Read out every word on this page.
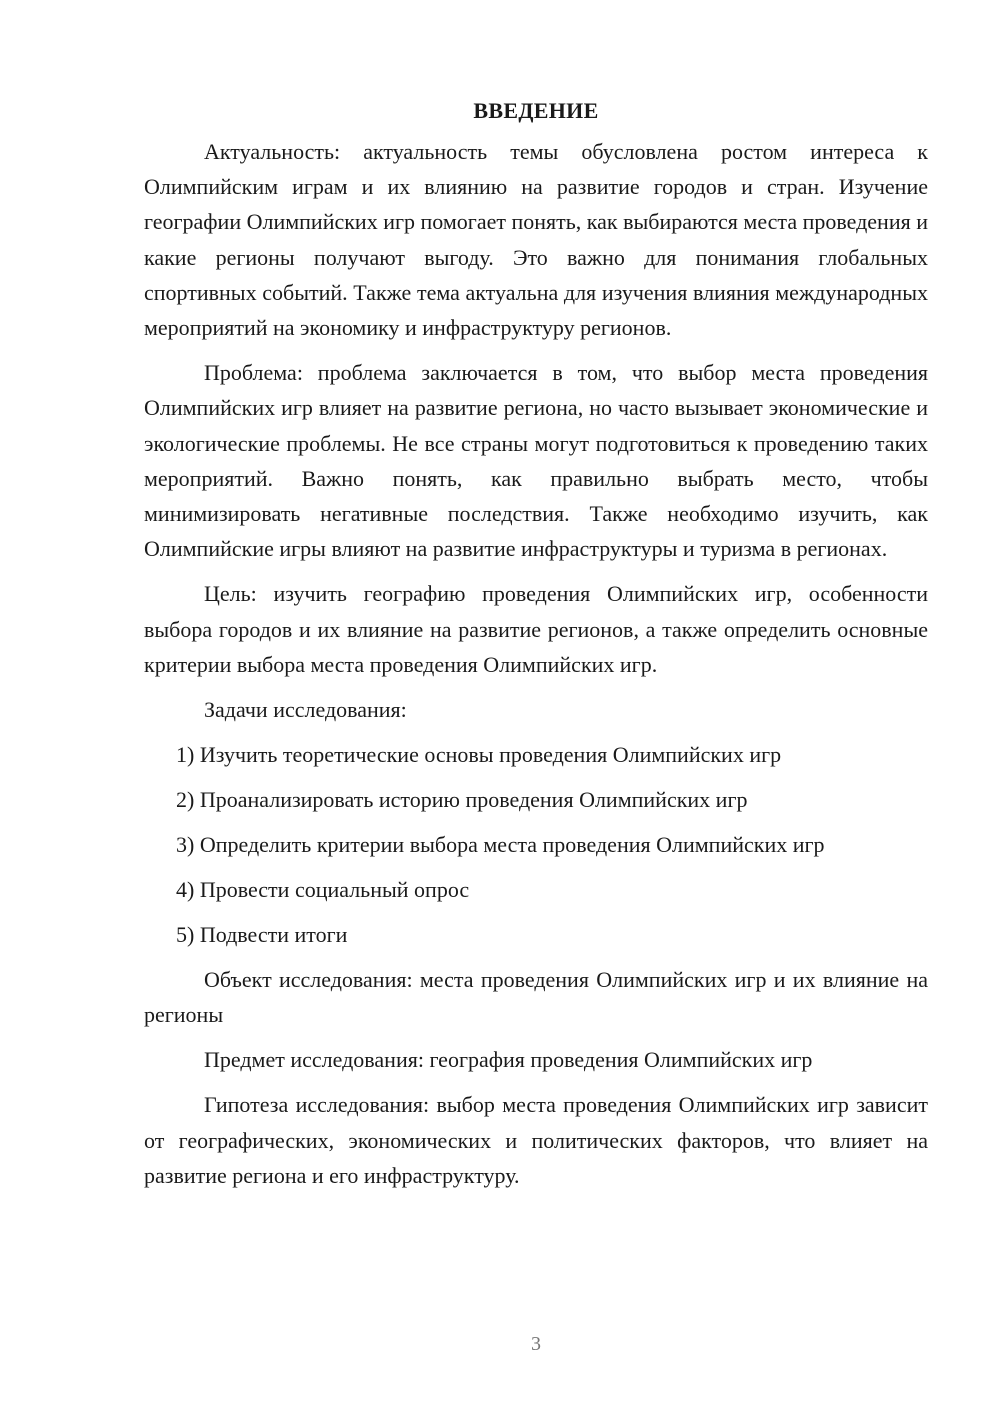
ВВЕДЕНИЕ

Актуальность: актуальность темы обусловлена ростом интереса к Олимпийским играм и их влиянию на развитие городов и стран. Изучение географии Олимпийских игр помогает понять, как выбираются места проведения и какие регионы получают выгоду. Это важно для понимания глобальных спортивных событий. Также тема актуальна для изучения влияния международных мероприятий на экономику и инфраструктуру регионов.

Проблема: проблема заключается в том, что выбор места проведения Олимпийских игр влияет на развитие региона, но часто вызывает экономические и экологические проблемы. Не все страны могут подготовиться к проведению таких мероприятий. Важно понять, как правильно выбрать место, чтобы минимизировать негативные последствия. Также необходимо изучить, как Олимпийские игры влияют на развитие инфраструктуры и туризма в регионах.

Цель: изучить географию проведения Олимпийских игр, особенности выбора городов и их влияние на развитие регионов, а также определить основные критерии выбора места проведения Олимпийских игр.

Задачи исследования:
1) Изучить теоретические основы проведения Олимпийских игр
2) Проанализировать историю проведения Олимпийских игр
3) Определить критерии выбора места проведения Олимпийских игр
4) Провести социальный опрос
5) Подвести итоги

Объект исследования: места проведения Олимпийских игр и их влияние на регионы

Предмет исследования: география проведения Олимпийских игр

Гипотеза исследования: выбор места проведения Олимпийских игр зависит от географических, экономических и политических факторов, что влияет на развитие региона и его инфраструктуру.

3
